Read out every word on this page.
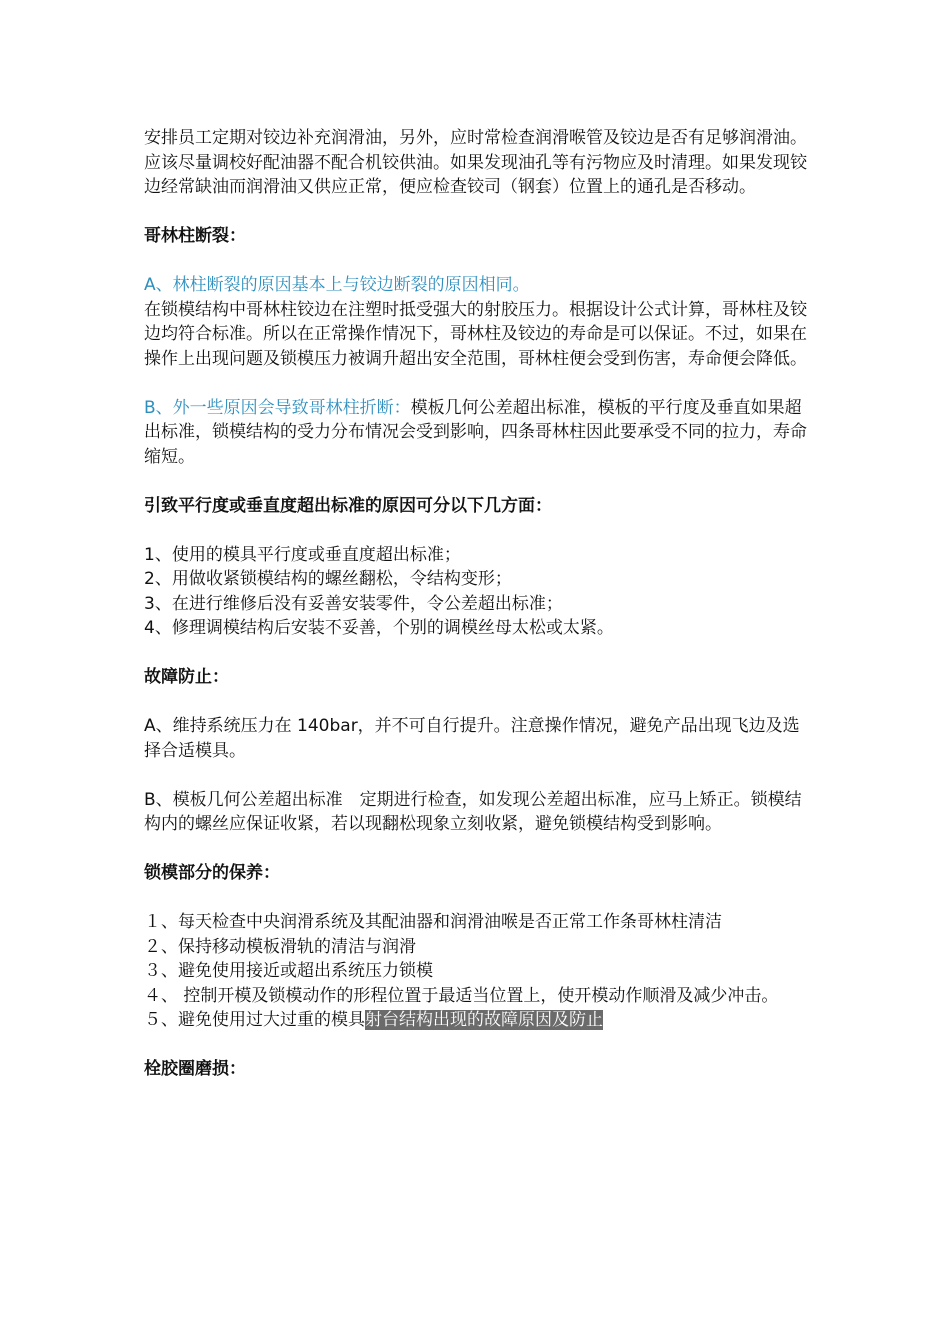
安排员工定期对铰边补充润滑油，另外，应时常检查润滑喉管及铰边是否有足够润滑油。应该尽量调校好配油器不配合机铰供油。如果发现油孔等有污物应及时清理。如果发现铰边经常缺油而润滑油又供应正常，便应检查铰司（钢套）位置上的通孔是否移动。

哥林柱断裂：

A、林柱断裂的原因基本上与铰边断裂的原因相同。

在锁模结构中哥林柱铰边在注塑时抵受强大的射胶压力。根据设计公式计算，哥林柱及铰边均符合标准。所以在正常操作情况下，哥林柱及铰边的寿命是可以保证。不过，如果在操作上出现问题及锁模压力被调升超出安全范围，哥林柱便会受到伤害，寿命便会降低。

B、外一些原因会导致哥林柱折断：模板几何公差超出标准，模板的平行度及垂直如果超出标准，锁模结构的受力分布情况会受到影响，四条哥林柱因此要承受不同的拉力，寿命缩短。

引致平行度或垂直度超出标准的原因可分以下几方面：

1、使用的模具平行度或垂直度超出标准；

2、用做收紧锁模结构的螺丝翻松，令结构变形；

3、在进行维修后没有妥善安装零件，令公差超出标准；

4、修理调模结构后安装不妥善，个别的调模丝母太松或太紧。

故障防止：

A、维持系统压力在 140bar，并不可自行提升。注意操作情况，避免产品出现飞边及选择合适模具。

B、模板几何公差超出标准　定期进行检查，如发现公差超出标准，应马上矫正。锁模结构内的螺丝应保证收紧，若以现翻松现象立刻收紧，避免锁模结构受到影响。

锁模部分的保养：

１、每天检查中央润滑系统及其配油器和润滑油喉是否正常工作条哥林柱清洁

２、保持移动模板滑轨的清洁与润滑

３、避免使用接近或超出系统压力锁模

４、 控制开模及锁模动作的形程位置于最适当位置上，使开模动作顺滑及减少冲击。

５、避免使用过大过重的模具射台结构出现的故障原因及防止

栓胶圈磨损：
